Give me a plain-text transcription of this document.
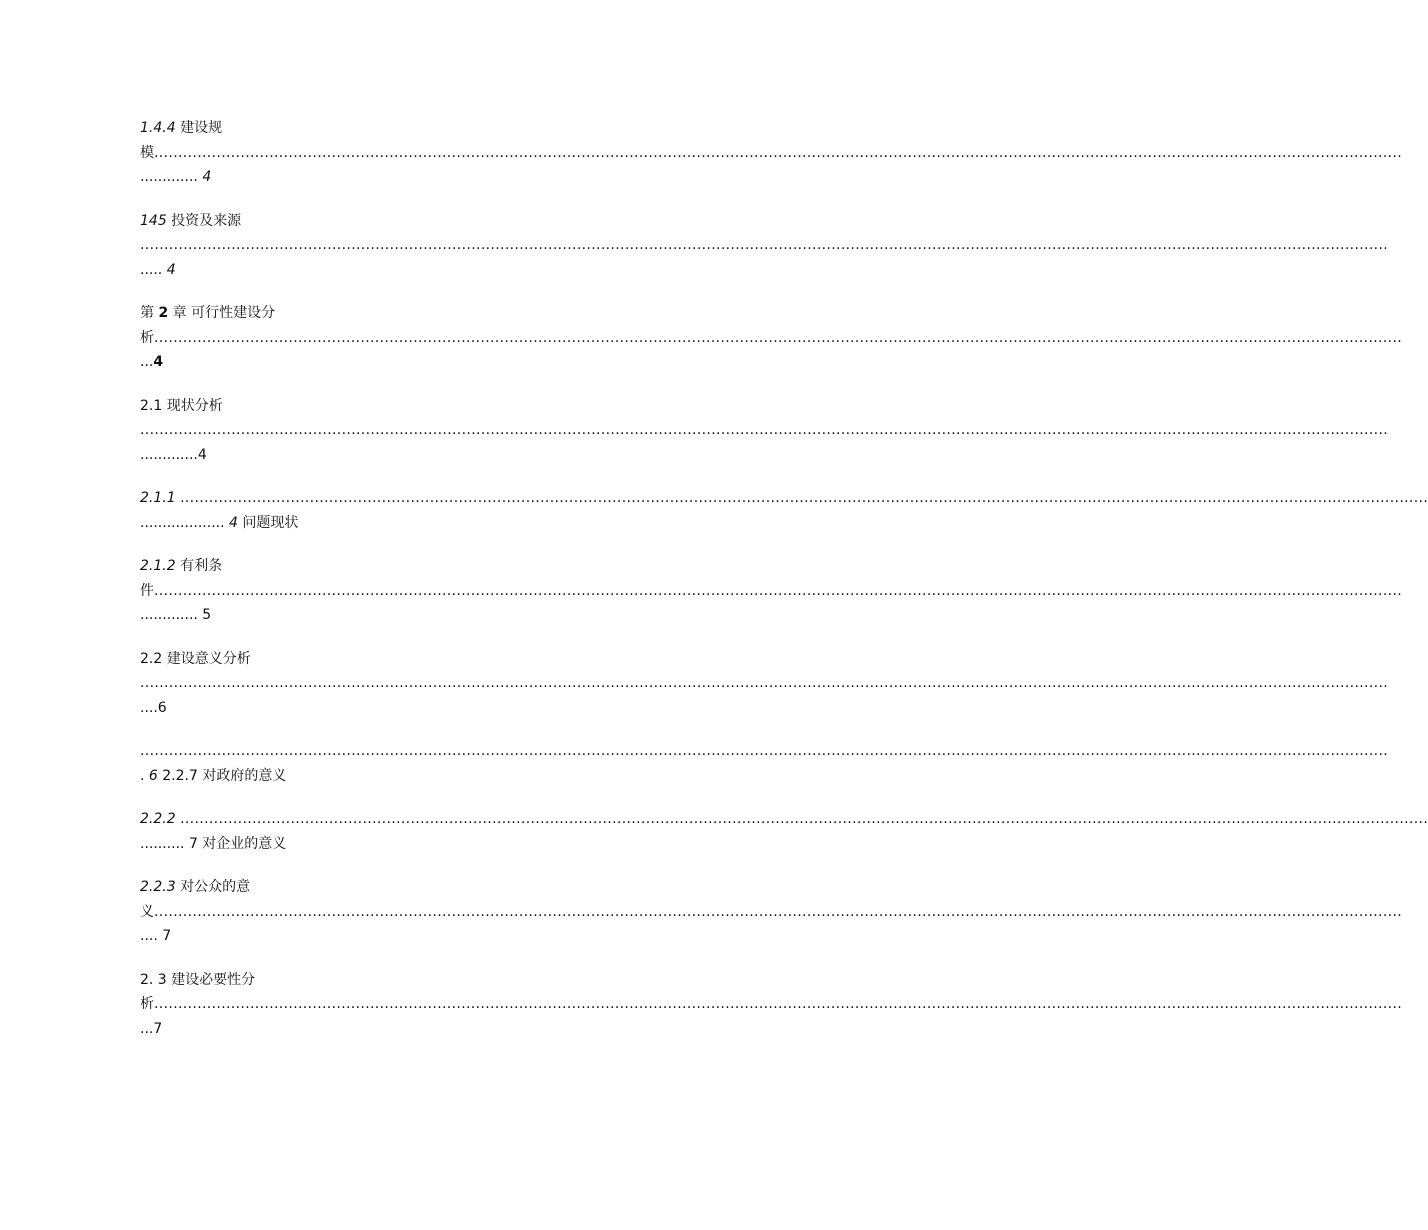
1.4.4 建设规
模....................................................................................................................................................................................................................................................................
............. 4
145 投资及来源
....................................................................................................................................................................................................................................................................
..... 4
第 2 章 可行性建设分
析....................................................................................................................................................................................................................................................................
...4
2.1 现状分析
....................................................................................................................................................................................................................................................................
.............4
2.1.1 ....................................................................................................................................................................................................................................................................
................... 4 问题现状
2.1.2 有利条
件....................................................................................................................................................................................................................................................................
............. 5
2.2 建设意义分析
....................................................................................................................................................................................................................................................................
....6
....................................................................................................................................................................................................................................................................
. 6 2.2.7 对政府的意义
2.2.2 ....................................................................................................................................................................................................................................................................
.......... 7 对企业的意义
2.2.3 对公众的意
义....................................................................................................................................................................................................................................................................
.... 7
2. 3 建设必要性分
析....................................................................................................................................................................................................................................................................
...7
